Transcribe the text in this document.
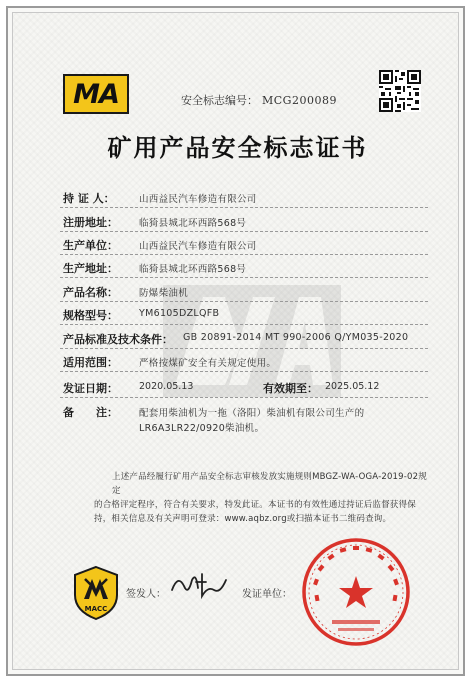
MA	安全标志编号： MCG200089
矿用产品安全标志证书
持 证 人：	山西益民汽车修造有限公司
注册地址： 临猗县城北环西路568号
生产单位： 山西益民汽车修造有限公司
生产地址： 临猗县城北环西路568号
产品名称： 防爆柴油机
规格型号： YM6105DZLQFB
产品标准及技术条件： GB 20891-2014 MT 990-2006 Q/YM035-2020
适用范围： 严格按煤矿安全有关规定使用。
发证日期： 2020.05.13	有效期至： 2025.05.12
备　　注： 配套用柴油机为一拖（洛阳）柴油机有限公司生产的
LR6A3LR22/0920柴油机。
上述产品经履行矿用产品安全标志审核发放实施规则MBGZ-WA-OGA-2019-02规定
的合格评定程序，符合有关要求，特发此证。本证书的有效性通过持证后监督获得保
持，相关信息及有关声明可登录：www.aqbz.org或扫描本证书二维码查询。
MACC
签发人：	发证单位：
